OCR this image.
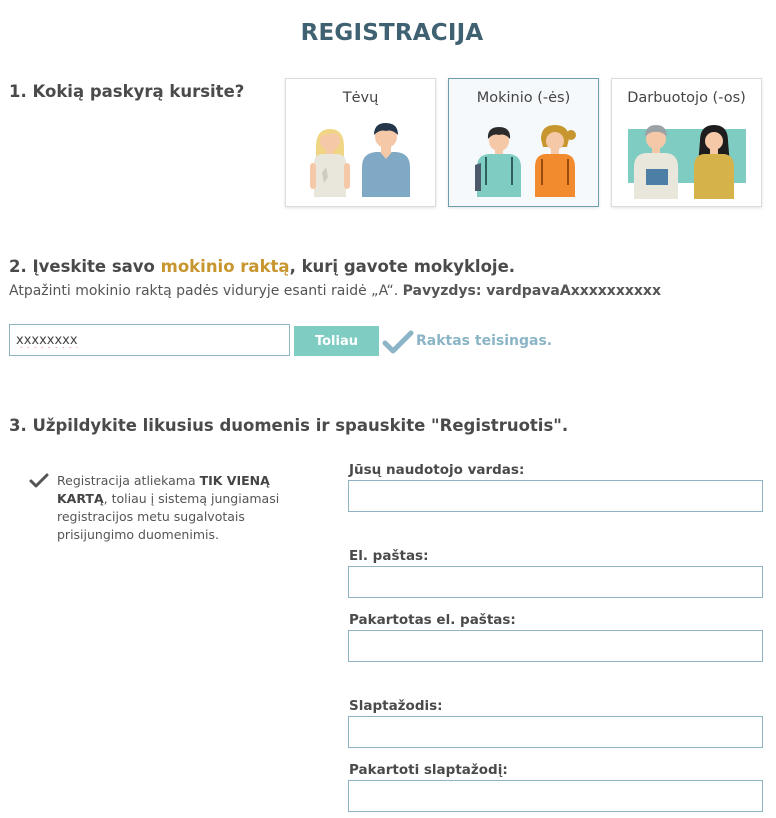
REGISTRACIJA
1. Kokią paskyrą kursite?	Tėvų	Mokinio (-ės)	Darbuotojo (-os)
2. Įveskite savo mokinio raktą, kurį gavote mokykloje.
Atpažinti mokinio raktą padės viduryje esanti raidė „A“. Pavyzdys: vardpavaAxxxxxxxxxx
xxxxxxxx
Toliau	Raktas teisingas.
3. Užpildykite likusius duomenis ir spauskite "Registruotis".
Registracija atliekama TIK VIENĄ KARTĄ, toliau į sistemą jungiamasi registracijos metu sugalvotais prisijungimo duomenimis.
Jūsų naudotojo vardas:
El. paštas:
Pakartotas el. paštas:
Slaptažodis:
Pakartoti slaptažodį:
